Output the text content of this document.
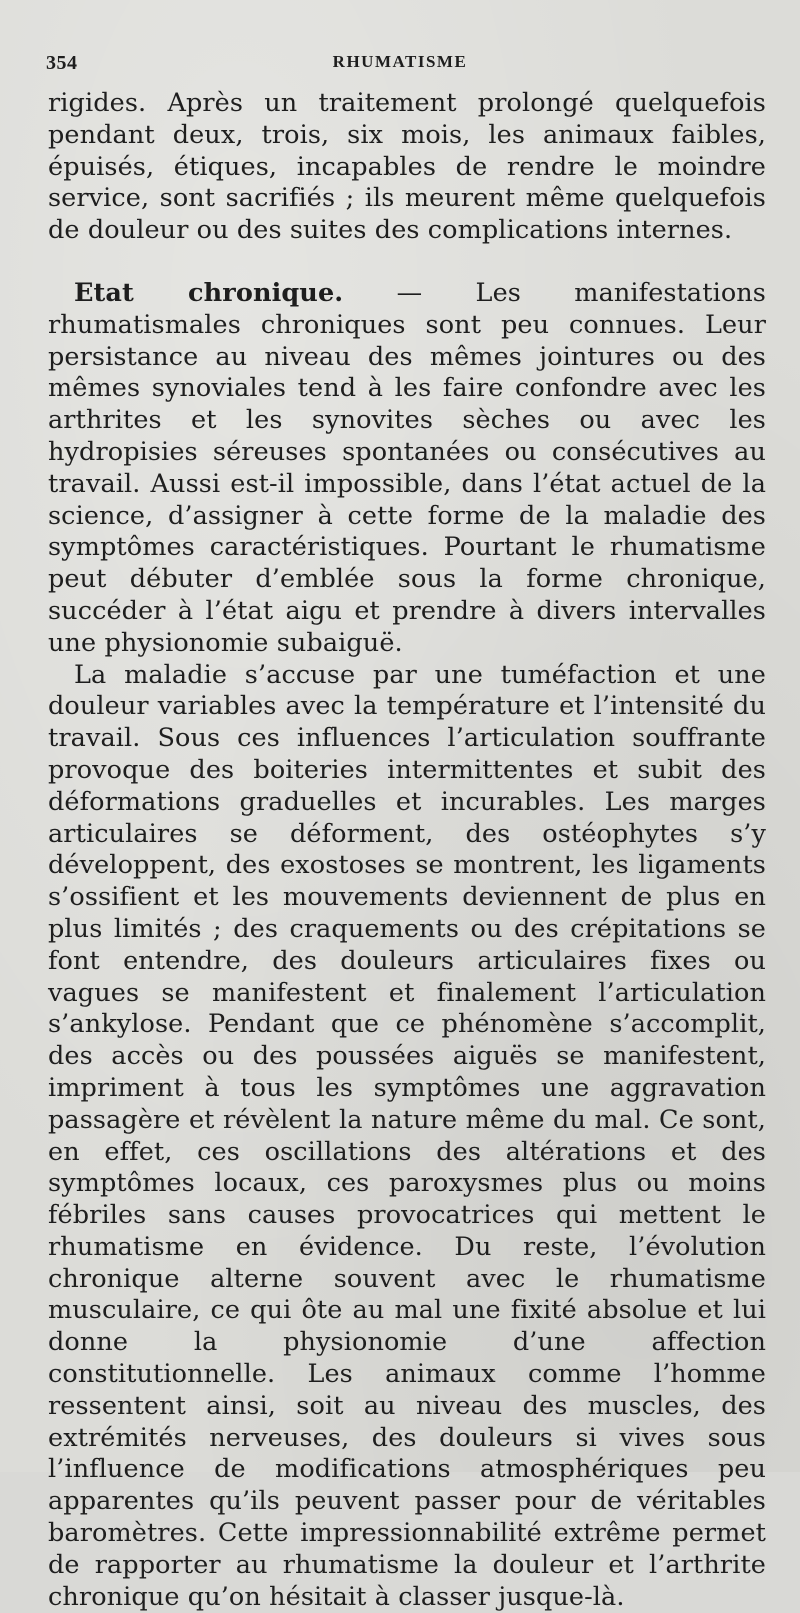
354	RHUMATISME

rigides. Après un traitement prolongé quelquefois pendant deux, trois, six mois, les animaux faibles, épuisés, étiques, incapables de rendre le moindre service, sont sacrifiés ; ils meurent même quelquefois de douleur ou des suites des complications internes.

Etat chronique. — Les manifestations rhumatismales chroniques sont peu connues. Leur persistance au niveau des mêmes jointures ou des mêmes synoviales tend à les faire confondre avec les arthrites et les synovites sèches ou avec les hydropisies séreuses spontanées ou consécutives au travail. Aussi est-il impossible, dans l’état actuel de la science, d’assigner à cette forme de la maladie des symptômes caractéristiques. Pourtant le rhumatisme peut débuter d’emblée sous la forme chronique, succéder à l’état aigu et prendre à divers intervalles une physionomie subaiguë.

La maladie s’accuse par une tuméfaction et une douleur variables avec la température et l’intensité du travail. Sous ces influences l’articulation souffrante provoque des boiteries intermittentes et subit des déformations graduelles et incurables. Les marges articulaires se déforment, des ostéophytes s’y développent, des exostoses se montrent, les ligaments s’ossifient et les mouvements deviennent de plus en plus limités ; des craquements ou des crépitations se font entendre, des douleurs articulaires fixes ou vagues se manifestent et finalement l’articulation s’ankylose. Pendant que ce phénomène s’accomplit, des accès ou des poussées aiguës se manifestent, impriment à tous les symptômes une aggravation passagère et révèlent la nature même du mal. Ce sont, en effet, ces oscillations des altérations et des symptômes locaux, ces paroxysmes plus ou moins fébriles sans causes provocatrices qui mettent le rhumatisme en évidence. Du reste, l’évolution chronique alterne souvent avec le rhumatisme musculaire, ce qui ôte au mal une fixité absolue et lui donne la physionomie d’une affection constitutionnelle. Les animaux comme l’homme ressentent ainsi, soit au niveau des muscles, des extrémités nerveuses, des douleurs si vives sous l’influence de modifications atmosphériques peu apparentes qu’ils peuvent passer pour de véritables baromètres. Cette impressionnabilité extrême permet de rapporter au rhumatisme la douleur et l’arthrite chronique qu’on hésitait à classer jusque-là.
